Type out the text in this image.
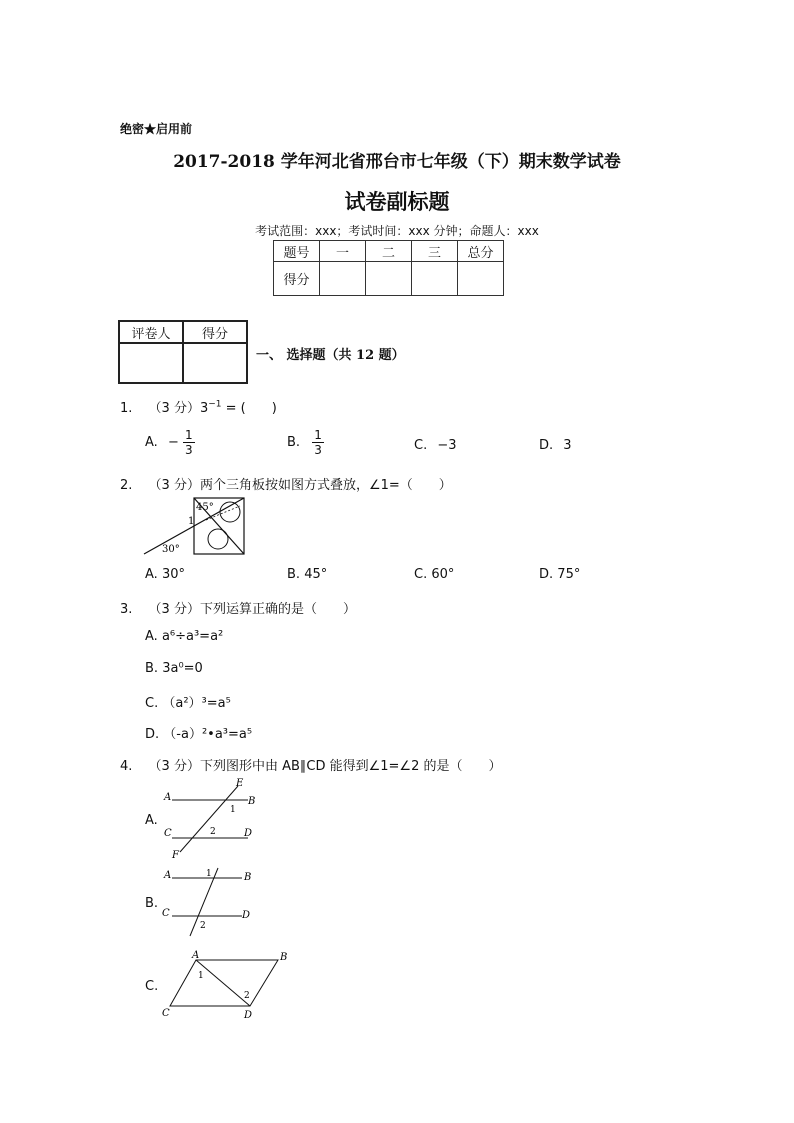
绝密★启用前
2017-2018 学年河北省邢台市七年级（下）期末数学试卷
试卷副标题
考试范围：xxx；考试时间：xxx 分钟；命题人：xxx
题号	一	二	三	总分
得分				
评卷人	得分

一、 选择题（共 12 题）
1. （3 分）$3^{-1}$ = (　　)
A. − $\frac{1}{3}$	B. $\frac{1}{3}$	C. −3	D. 3
2. （3 分）两个三角板按如图方式叠放，∠1=（　　）
45°
1
30°
A. 30°	B. 45°	C. 60°	D. 75°
3. （3 分）下列运算正确的是（　　）
A. a⁶÷a³=a²
B. 3a⁰=0
C. （a²）³=a⁵
D. （-a）²•a³=a⁵
4. （3 分）下列图形中由 AB∥CD 能得到∠1=∠2 的是（　　）
A.
A	B
C	D
E
F
1
2
B.
A	B
C	D
1
2
C.
A	B
C	D
1
2
